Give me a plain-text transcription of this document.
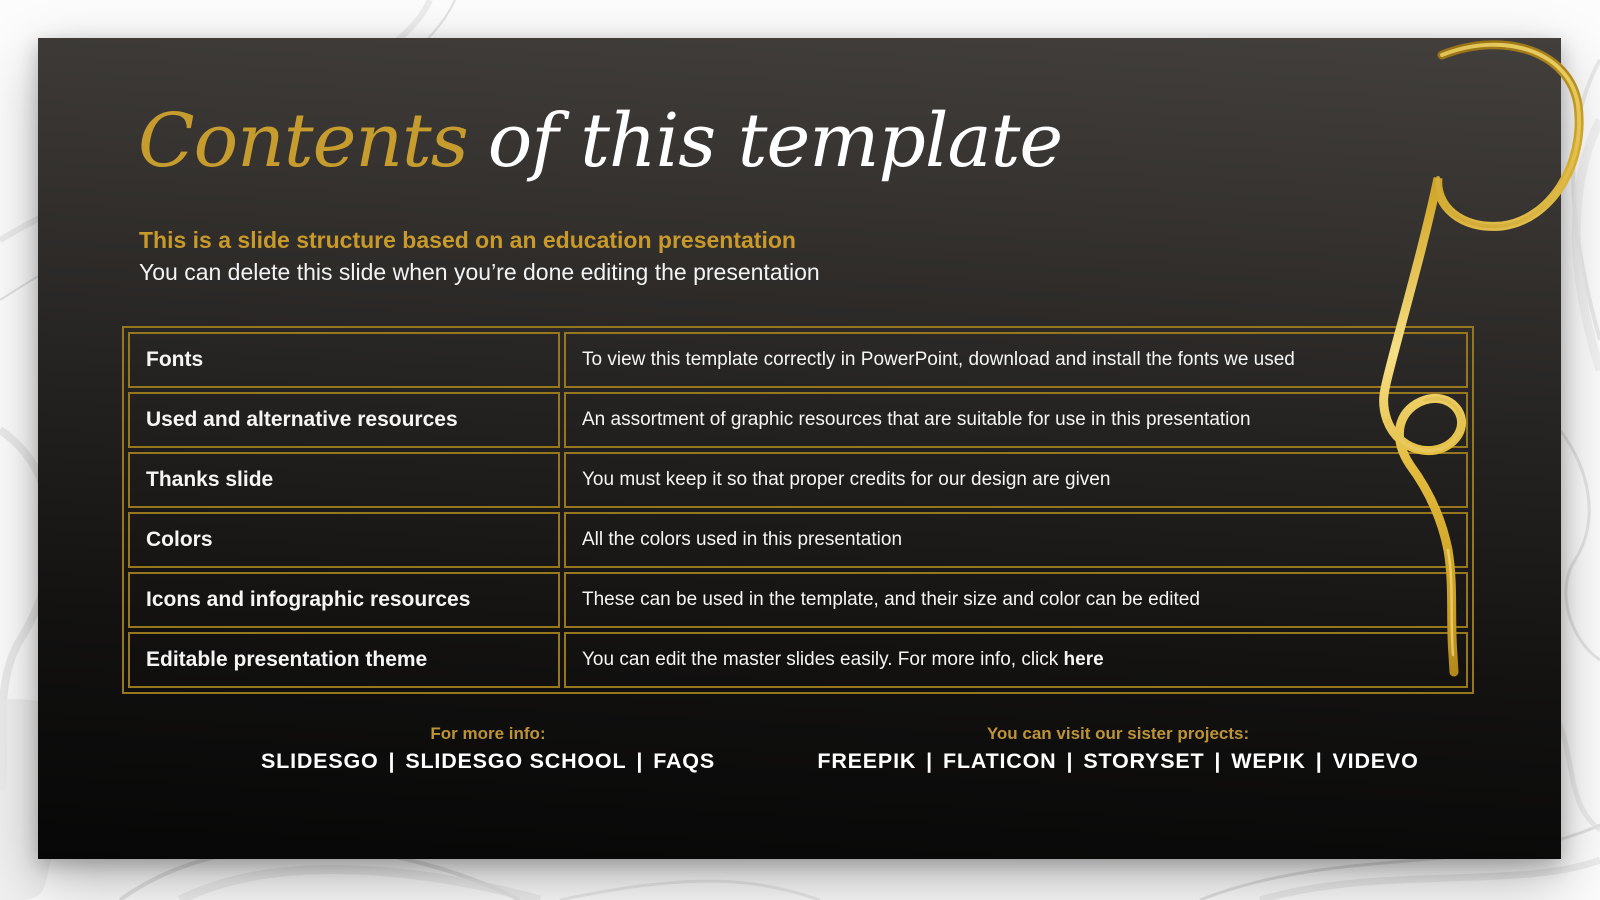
Contents of this template
This is a slide structure based on an education presentation
You can delete this slide when you’re done editing the presentation
Fonts	To view this template correctly in PowerPoint, download and install the fonts we used
Used and alternative resources	An assortment of graphic resources that are suitable for use in this presentation
Thanks slide	You must keep it so that proper credits for our design are given
Colors	All the colors used in this presentation
Icons and infographic resources	These can be used in the template, and their size and color can be edited
Editable presentation theme	You can edit the master slides easily. For more info, click here
For more info:
SLIDESGO | SLIDESGO SCHOOL | FAQS
You can visit our sister projects:
FREEPIK | FLATICON | STORYSET | WEPIK | VIDEVO
